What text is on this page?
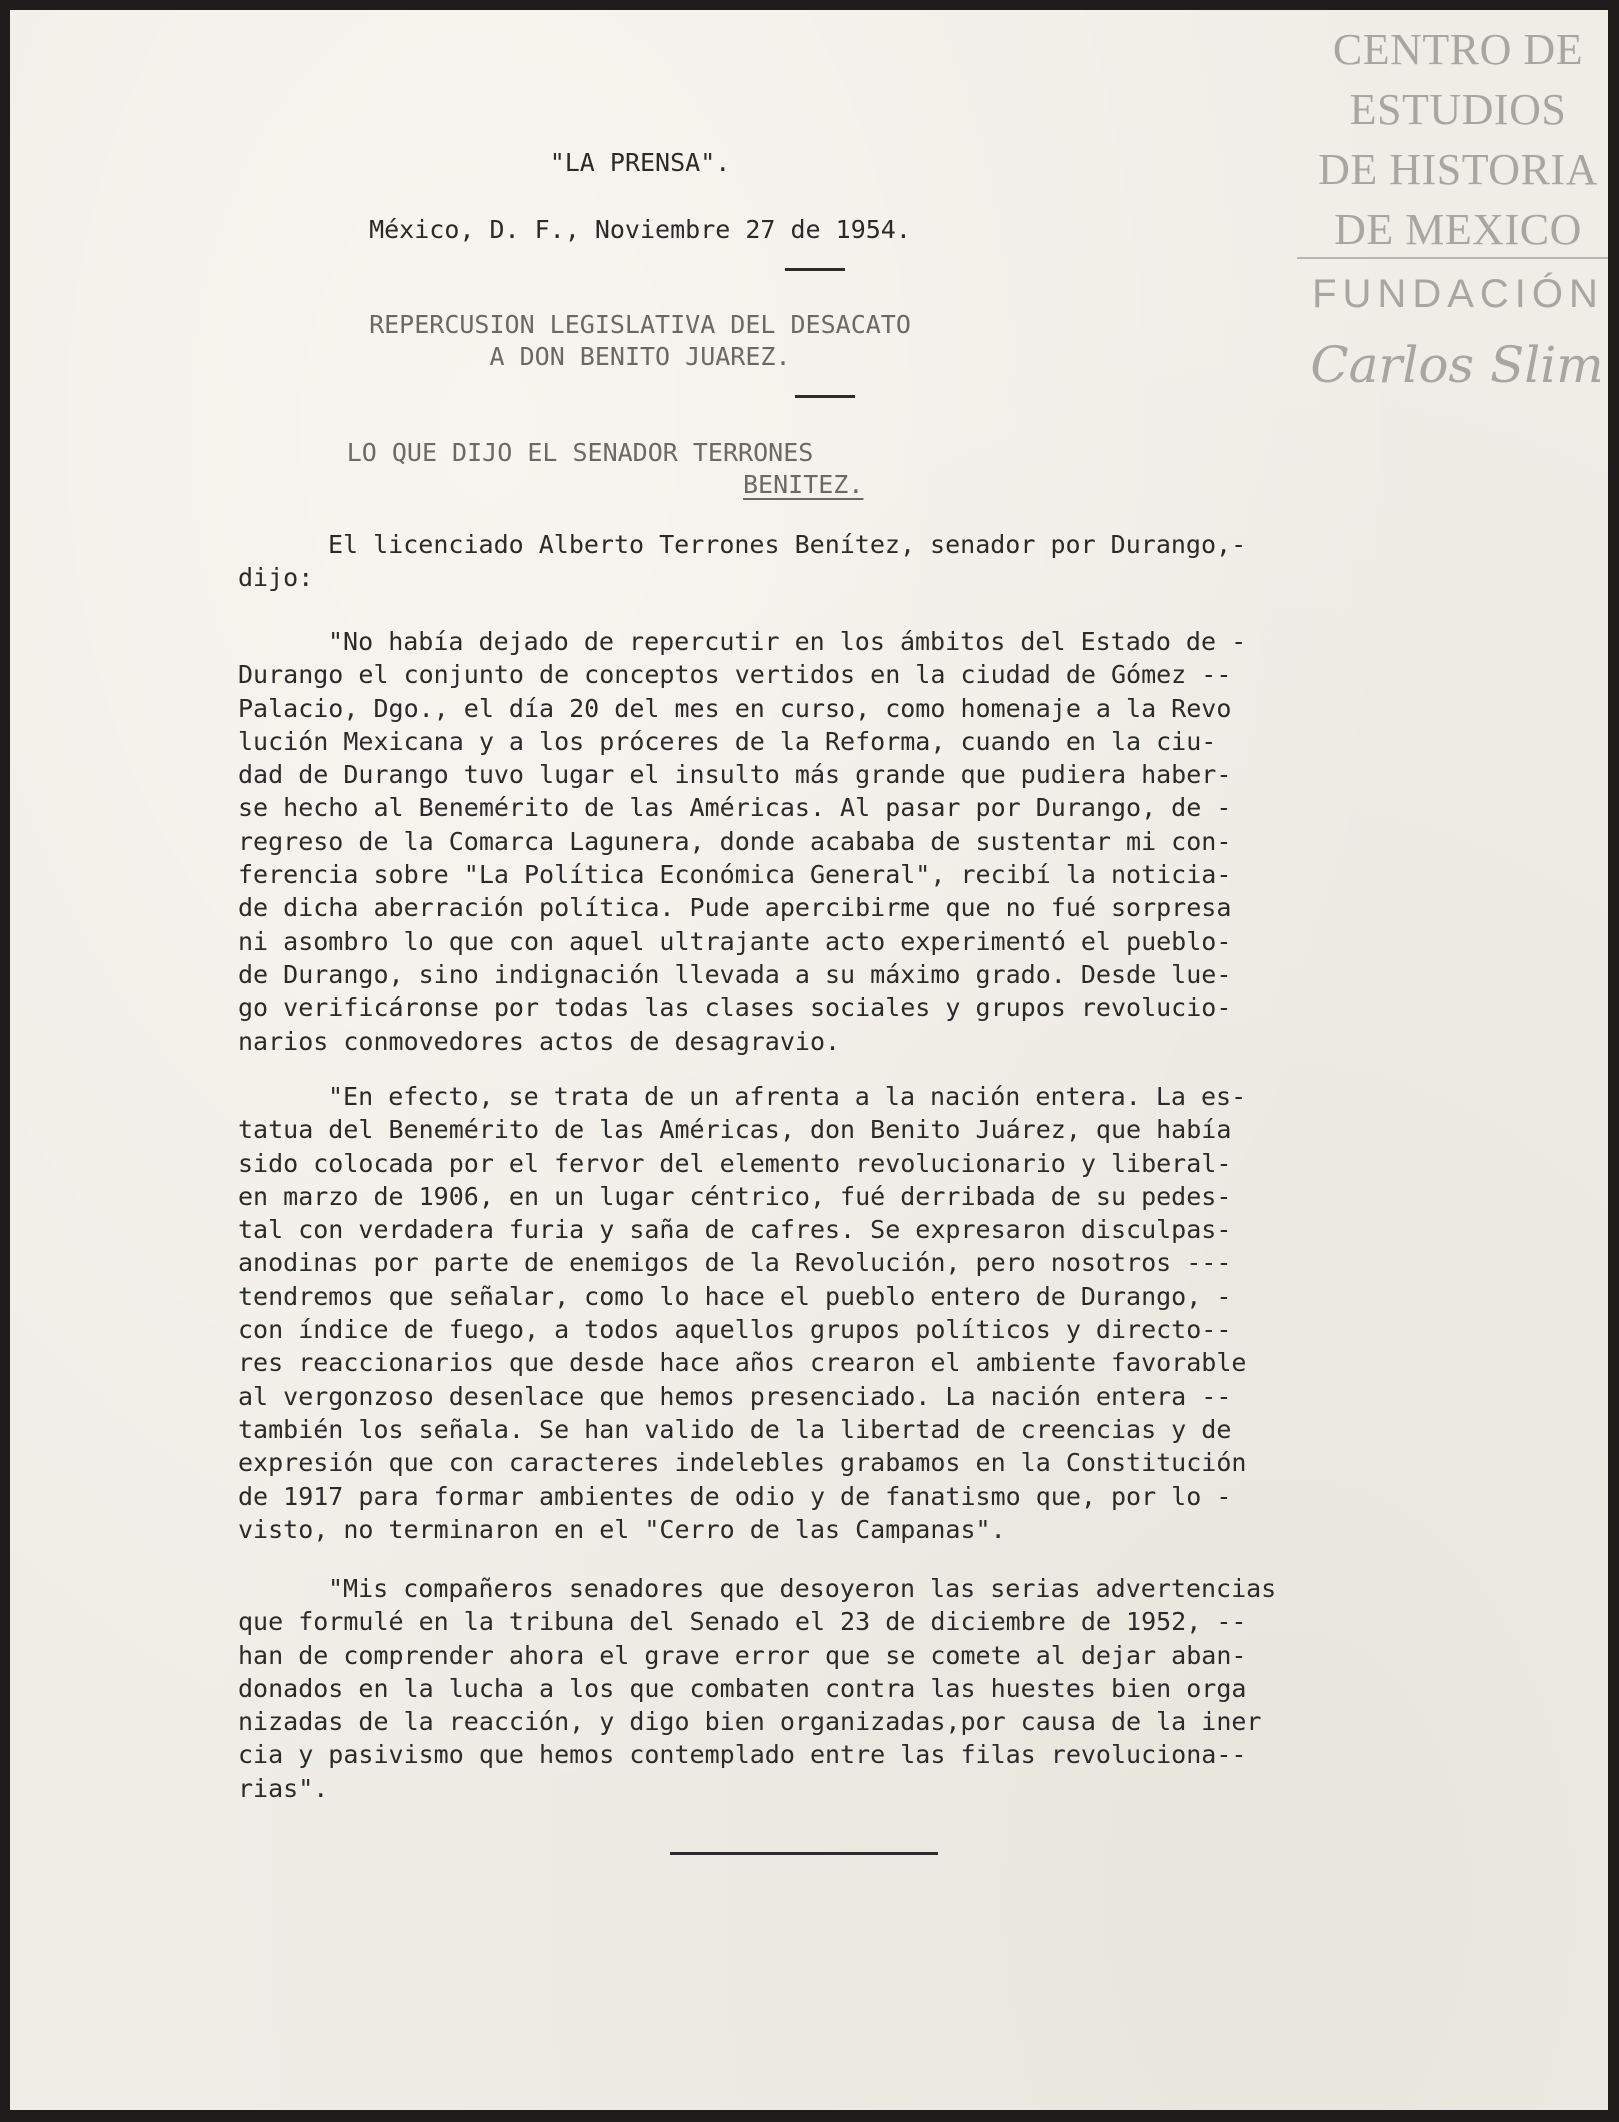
CENTRO DE
ESTUDIOS
DE HISTORIA
DE MEXICO
FUNDACIÓN
Carlos Slim
"LA PRENSA".
México, D. F., Noviembre 27 de 1954.
REPERCUSION LEGISLATIVA DEL DESACATO
A DON BENITO JUAREZ.
LO QUE DIJO EL SENADOR TERRONES
BENITEZ.
El licenciado Alberto Terrones Benítez, senador por Durango,-
dijo:
"No había dejado de repercutir en los ámbitos del Estado de -
Durango el conjunto de conceptos vertidos en la ciudad de Gómez --
Palacio, Dgo., el día 20 del mes en curso, como homenaje a la Revo
lución Mexicana y a los próceres de la Reforma, cuando en la ciu-
dad de Durango tuvo lugar el insulto más grande que pudiera haber-
se hecho al Benemérito de las Américas. Al pasar por Durango, de -
regreso de la Comarca Lagunera, donde acababa de sustentar mi con-
ferencia sobre "La Política Económica General", recibí la noticia-
de dicha aberración política. Pude apercibirme que no fué sorpresa
ni asombro lo que con aquel ultrajante acto experimentó el pueblo-
de Durango, sino indignación llevada a su máximo grado. Desde lue-
go verificáronse por todas las clases sociales y grupos revolucio-
narios conmovedores actos de desagravio.
"En efecto, se trata de un afrenta a la nación entera. La es-
tatua del Benemérito de las Américas, don Benito Juárez, que había
sido colocada por el fervor del elemento revolucionario y liberal-
en marzo de 1906, en un lugar céntrico, fué derribada de su pedes-
tal con verdadera furia y saña de cafres. Se expresaron disculpas-
anodinas por parte de enemigos de la Revolución, pero nosotros ---
tendremos que señalar, como lo hace el pueblo entero de Durango, -
con índice de fuego, a todos aquellos grupos políticos y directo--
res reaccionarios que desde hace años crearon el ambiente favorable
al vergonzoso desenlace que hemos presenciado. La nación entera --
también los señala. Se han valido de la libertad de creencias y de
expresión que con caracteres indelebles grabamos en la Constitución
de 1917 para formar ambientes de odio y de fanatismo que, por lo -
visto, no terminaron en el "Cerro de las Campanas".
"Mis compañeros senadores que desoyeron las serias advertencias
que formulé en la tribuna del Senado el 23 de diciembre de 1952, --
han de comprender ahora el grave error que se comete al dejar aban-
donados en la lucha a los que combaten contra las huestes bien orga
nizadas de la reacción, y digo bien organizadas,por causa de la iner
cia y pasivismo que hemos contemplado entre las filas revoluciona--
rias".
